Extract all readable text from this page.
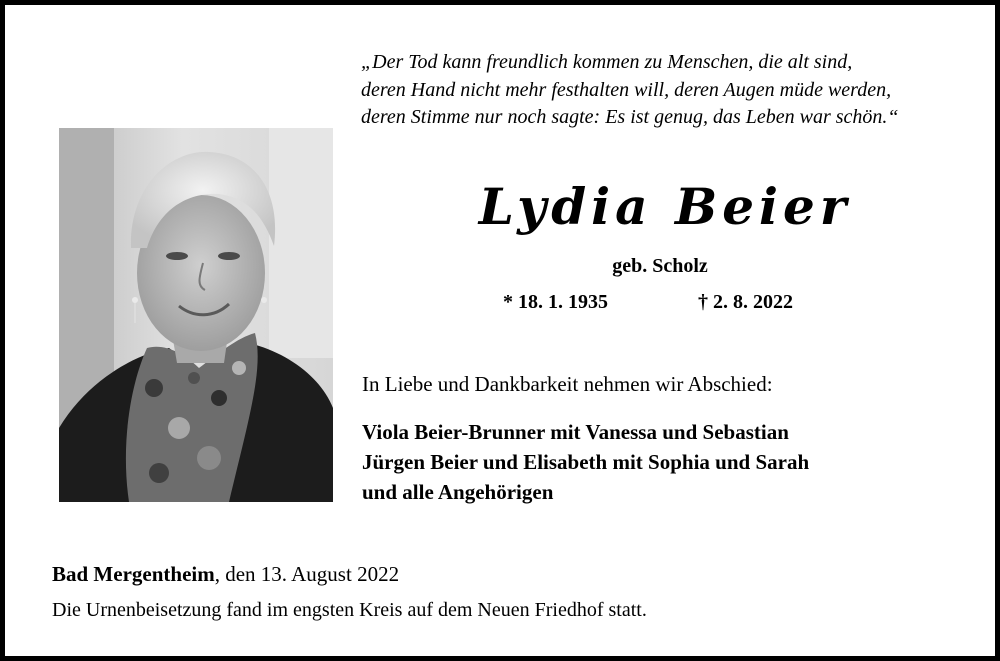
„Der Tod kann freundlich kommen zu Menschen, die alt sind,
deren Hand nicht mehr festhalten will, deren Augen müde werden,
deren Stimme nur noch sagte: Es ist genug, das Leben war schön.“
Lydia Beier
geb. Scholz
* 18. 1. 1935	† 2. 8. 2022
In Liebe und Dankbarkeit nehmen wir Abschied:
Viola Beier-Brunner mit Vanessa und Sebastian
Jürgen Beier und Elisabeth mit Sophia und Sarah
und alle Angehörigen
Bad Mergentheim, den 13. August 2022
Die Urnenbeisetzung fand im engsten Kreis auf dem Neuen Friedhof statt.
